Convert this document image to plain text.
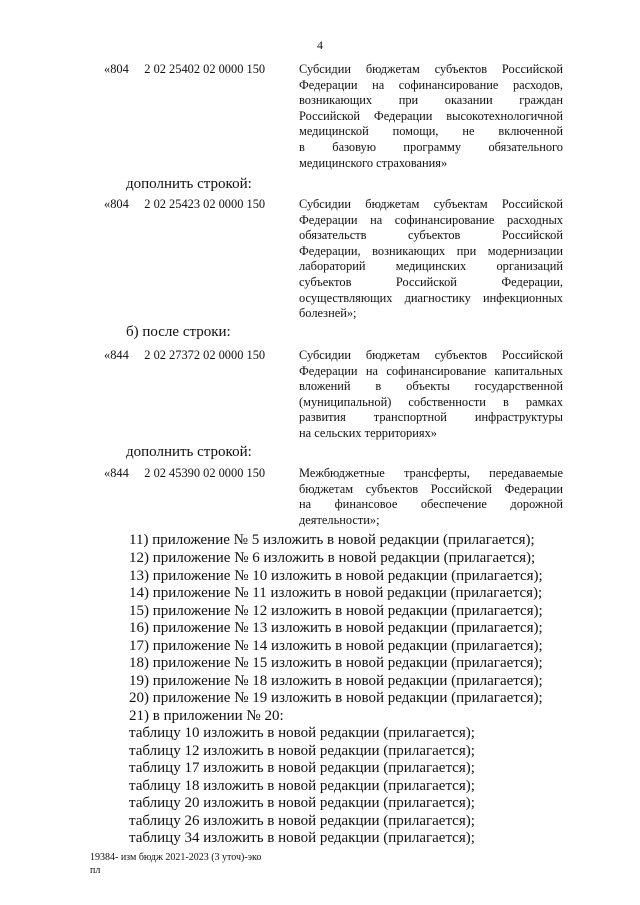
4
«804     2 02 25402 02 0000 150	Субсидии бюджетам субъектов Российской
Федерации на софинансирование расходов,
возникающих при оказании граждан
Российской Федерации высокотехнологичной
медицинской помощи, не включенной
в базовую программу обязательного
медицинского страхования»
дополнить строкой:
«804     2 02 25423 02 0000 150	Субсидии бюджетам субъектам Российской
Федерации на софинансирование расходных
обязательств субъектов Российской
Федерации, возникающих при модернизации
лабораторий медицинских организаций
субъектов Российской Федерации,
осуществляющих диагностику инфекционных
болезней»;
б) после строки:
«844     2 02 27372 02 0000 150	Субсидии бюджетам субъектов Российской
Федерации на софинансирование капитальных
вложений в объекты государственной
(муниципальной) собственности в рамках
развития транспортной инфраструктуры
на сельских территориях»
дополнить строкой:
«844     2 02 45390 02 0000 150	Межбюджетные трансферты, передаваемые
бюджетам субъектов Российской Федерации
на финансовое обеспечение дорожной
деятельности»;
11) приложение № 5 изложить в новой редакции (прилагается);
12) приложение № 6 изложить в новой редакции (прилагается);
13) приложение № 10 изложить в новой редакции (прилагается);
14) приложение № 11 изложить в новой редакции (прилагается);
15) приложение № 12 изложить в новой редакции (прилагается);
16) приложение № 13 изложить в новой редакции (прилагается);
17) приложение № 14 изложить в новой редакции (прилагается);
18) приложение № 15 изложить в новой редакции (прилагается);
19) приложение № 18 изложить в новой редакции (прилагается);
20) приложение № 19 изложить в новой редакции (прилагается);
21) в приложении № 20:
таблицу 10 изложить в новой редакции (прилагается);
таблицу 12 изложить в новой редакции (прилагается);
таблицу 17 изложить в новой редакции (прилагается);
таблицу 18 изложить в новой редакции (прилагается);
таблицу 20 изложить в новой редакции (прилагается);
таблицу 26 изложить в новой редакции (прилагается);
таблицу 34 изложить в новой редакции (прилагается);
19384- изм бюдж 2021-2023 (3 уточ)-эко
пл
